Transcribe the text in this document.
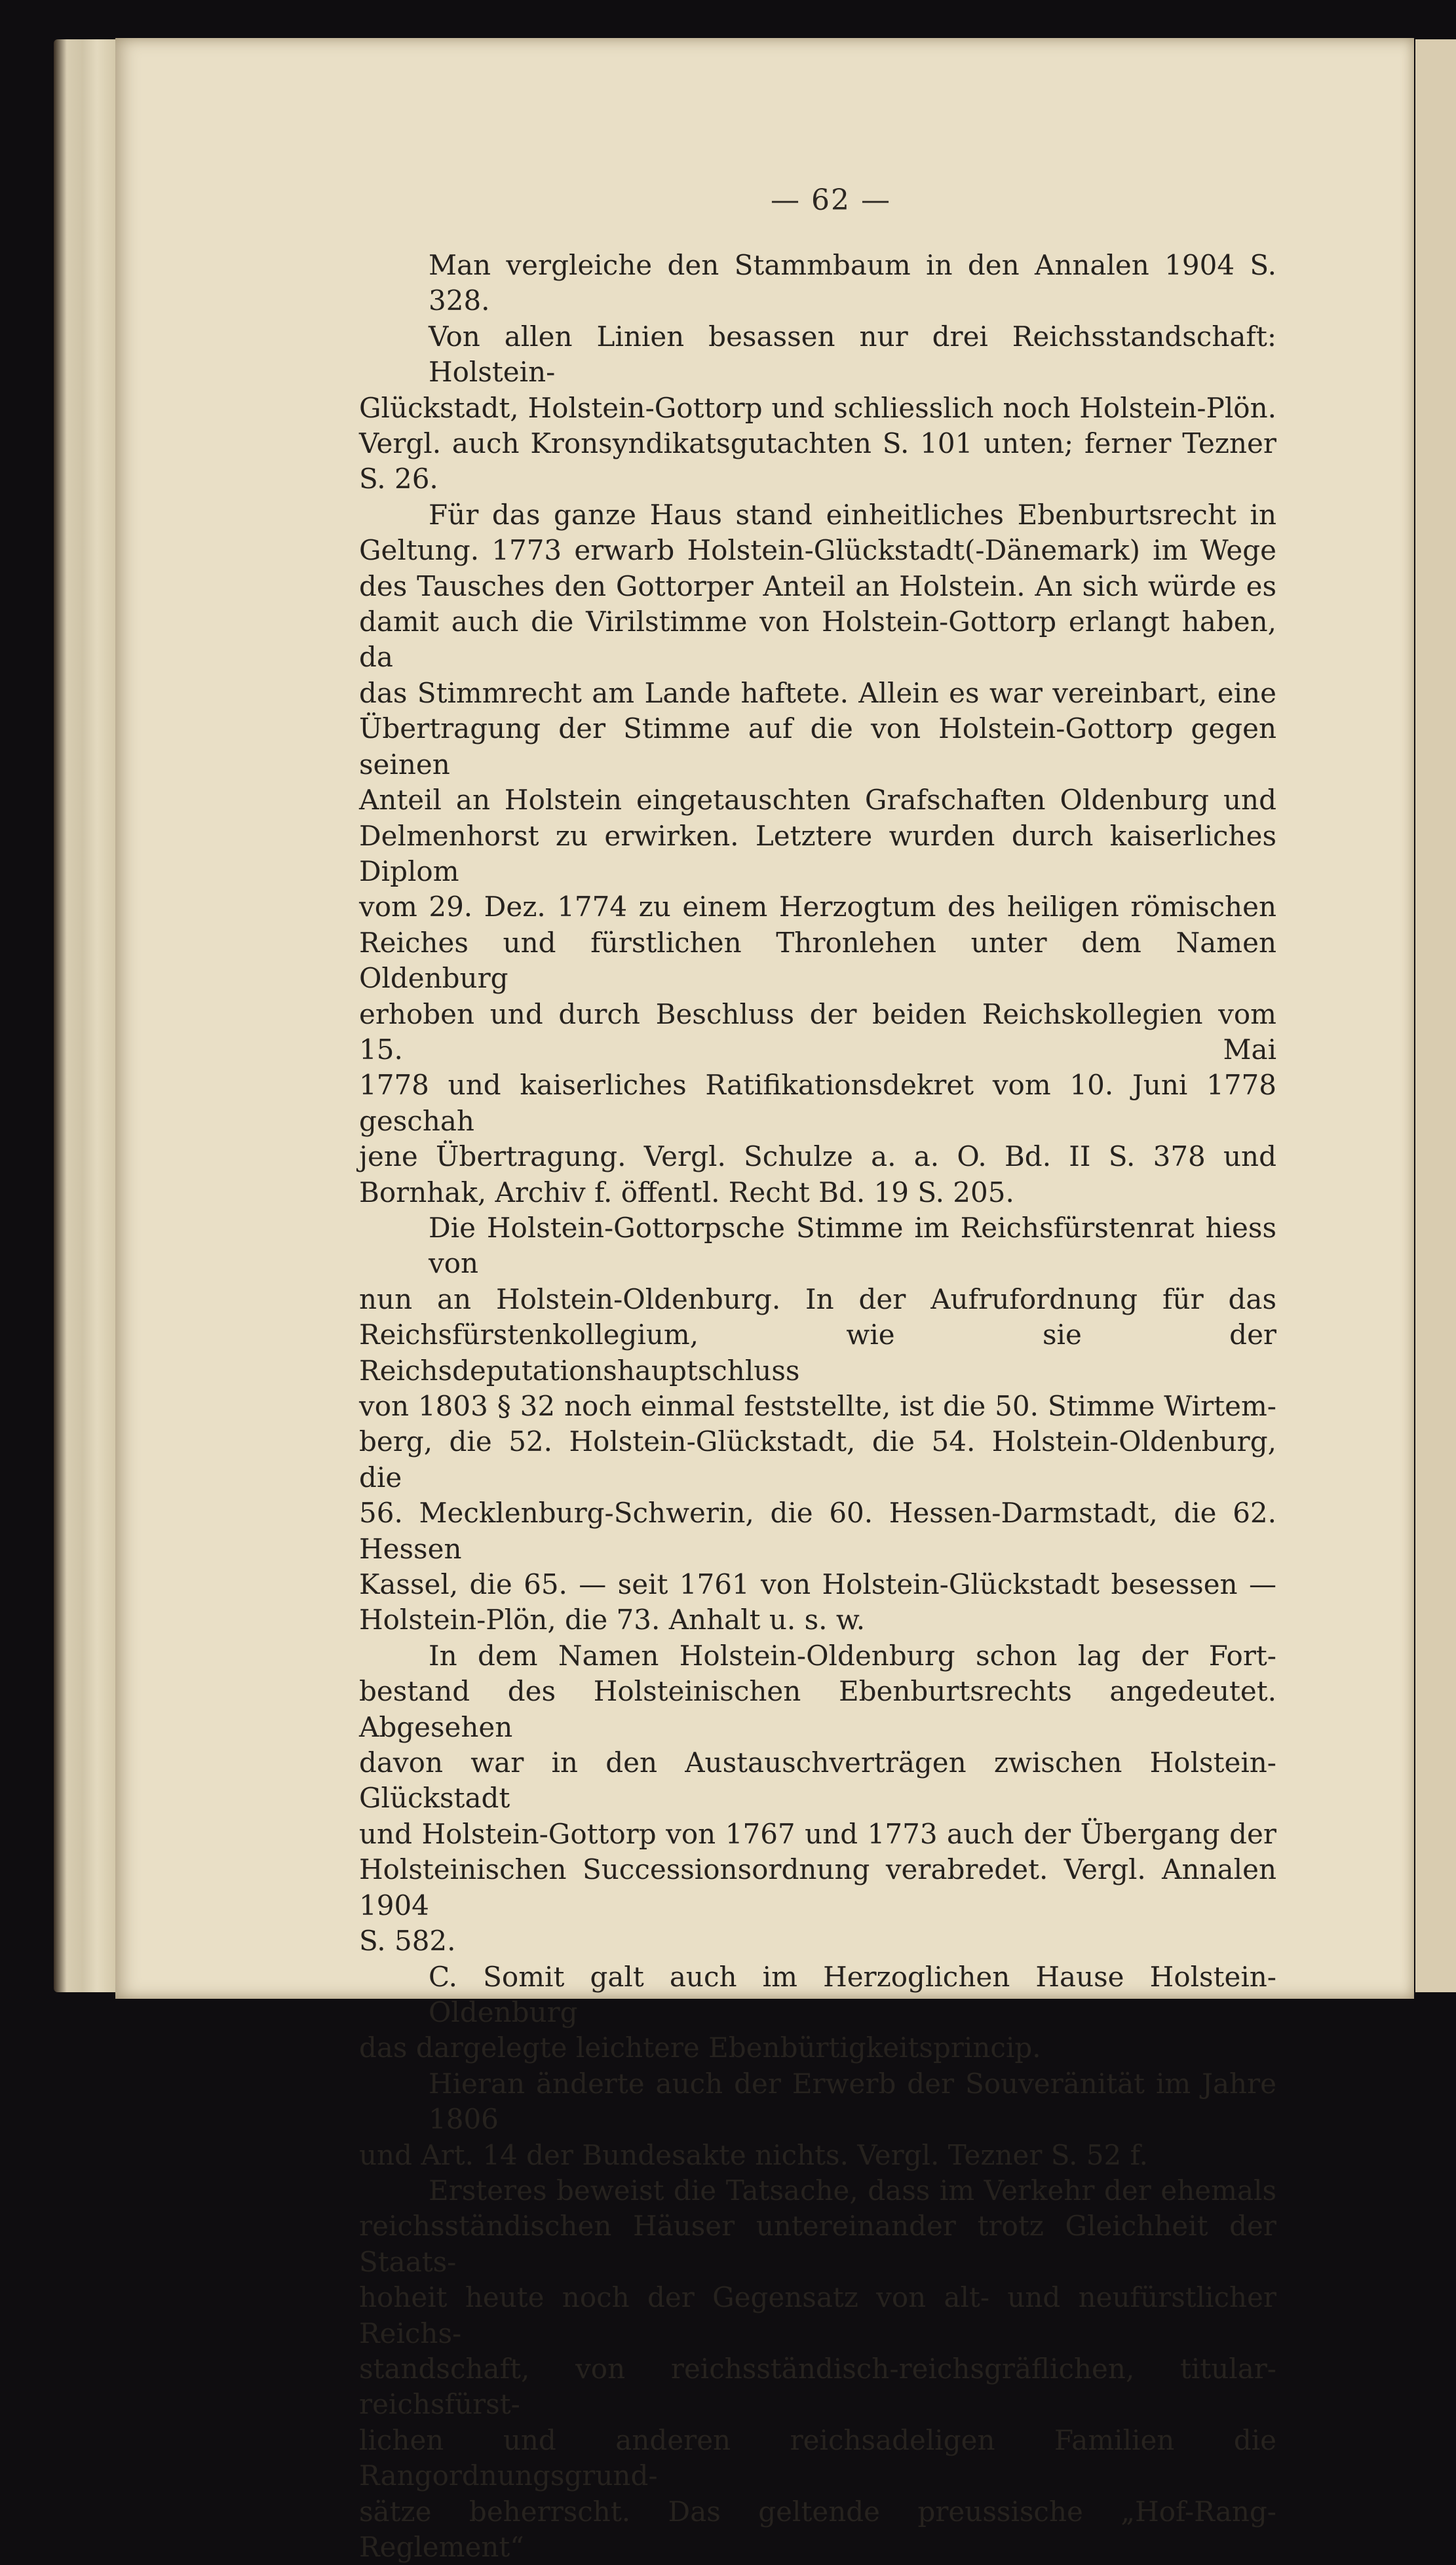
— 62 —
Man vergleiche den Stammbaum in den Annalen 1904 S. 328.
Von allen Linien besassen nur drei Reichsstandschaft: Holstein-
Glückstadt, Holstein-Gottorp und schliesslich noch Holstein-Plön.
Vergl. auch Kronsyndikatsgutachten S. 101 unten; ferner Tezner
S. 26.
Für das ganze Haus stand einheitliches Ebenburtsrecht in
Geltung. 1773 erwarb Holstein-Glückstadt(-Dänemark) im Wege
des Tausches den Gottorper Anteil an Holstein. An sich würde es
damit auch die Virilstimme von Holstein-Gottorp erlangt haben, da
das Stimmrecht am Lande haftete. Allein es war vereinbart, eine
Übertragung der Stimme auf die von Holstein-Gottorp gegen seinen
Anteil an Holstein eingetauschten Grafschaften Oldenburg und
Delmenhorst zu erwirken. Letztere wurden durch kaiserliches Diplom
vom 29. Dez. 1774 zu einem Herzogtum des heiligen römischen
Reiches und fürstlichen Thronlehen unter dem Namen Oldenburg
erhoben und durch Beschluss der beiden Reichskollegien vom 15. Mai
1778 und kaiserliches Ratifikationsdekret vom 10. Juni 1778 geschah
jene Übertragung. Vergl. Schulze a. a. O. Bd. II S. 378 und
Bornhak, Archiv f. öffentl. Recht Bd. 19 S. 205.
Die Holstein-Gottorpsche Stimme im Reichsfürstenrat hiess von
nun an Holstein-Oldenburg. In der Aufrufordnung für das
Reichsfürstenkollegium, wie sie der Reichsdeputationshauptschluss
von 1803 § 32 noch einmal feststellte, ist die 50. Stimme Wirtem-
berg, die 52. Holstein-Glückstadt, die 54. Holstein-Oldenburg, die
56. Mecklenburg-Schwerin, die 60. Hessen-Darmstadt, die 62. Hessen
Kassel, die 65. — seit 1761 von Holstein-Glückstadt besessen —
Holstein-Plön, die 73. Anhalt u. s. w.
In dem Namen Holstein-Oldenburg schon lag der Fort-
bestand des Holsteinischen Ebenburtsrechts angedeutet. Abgesehen
davon war in den Austauschverträgen zwischen Holstein-Glückstadt
und Holstein-Gottorp von 1767 und 1773 auch der Übergang der
Holsteinischen Successionsordnung verabredet. Vergl. Annalen 1904
S. 582.
C. Somit galt auch im Herzoglichen Hause Holstein-Oldenburg
das dargelegte leichtere Ebenbürtigkeitsprincip.
Hieran änderte auch der Erwerb der Souveränität im Jahre 1806
und Art. 14 der Bundesakte nichts. Vergl. Tezner S. 52 f.
Ersteres beweist die Tatsache, dass im Verkehr der ehemals
reichsständischen Häuser untereinander trotz Gleichheit der Staats-
hoheit heute noch der Gegensatz von alt- und neufürstlicher Reichs-
standschaft, von reichsständisch-reichsgräflichen, titular-reichsfürst-
lichen und anderen reichsadeligen Familien die Rangordnungsgrund-
sätze beherrscht. Das geltende preussische „Hof-Rang-Reglement“
